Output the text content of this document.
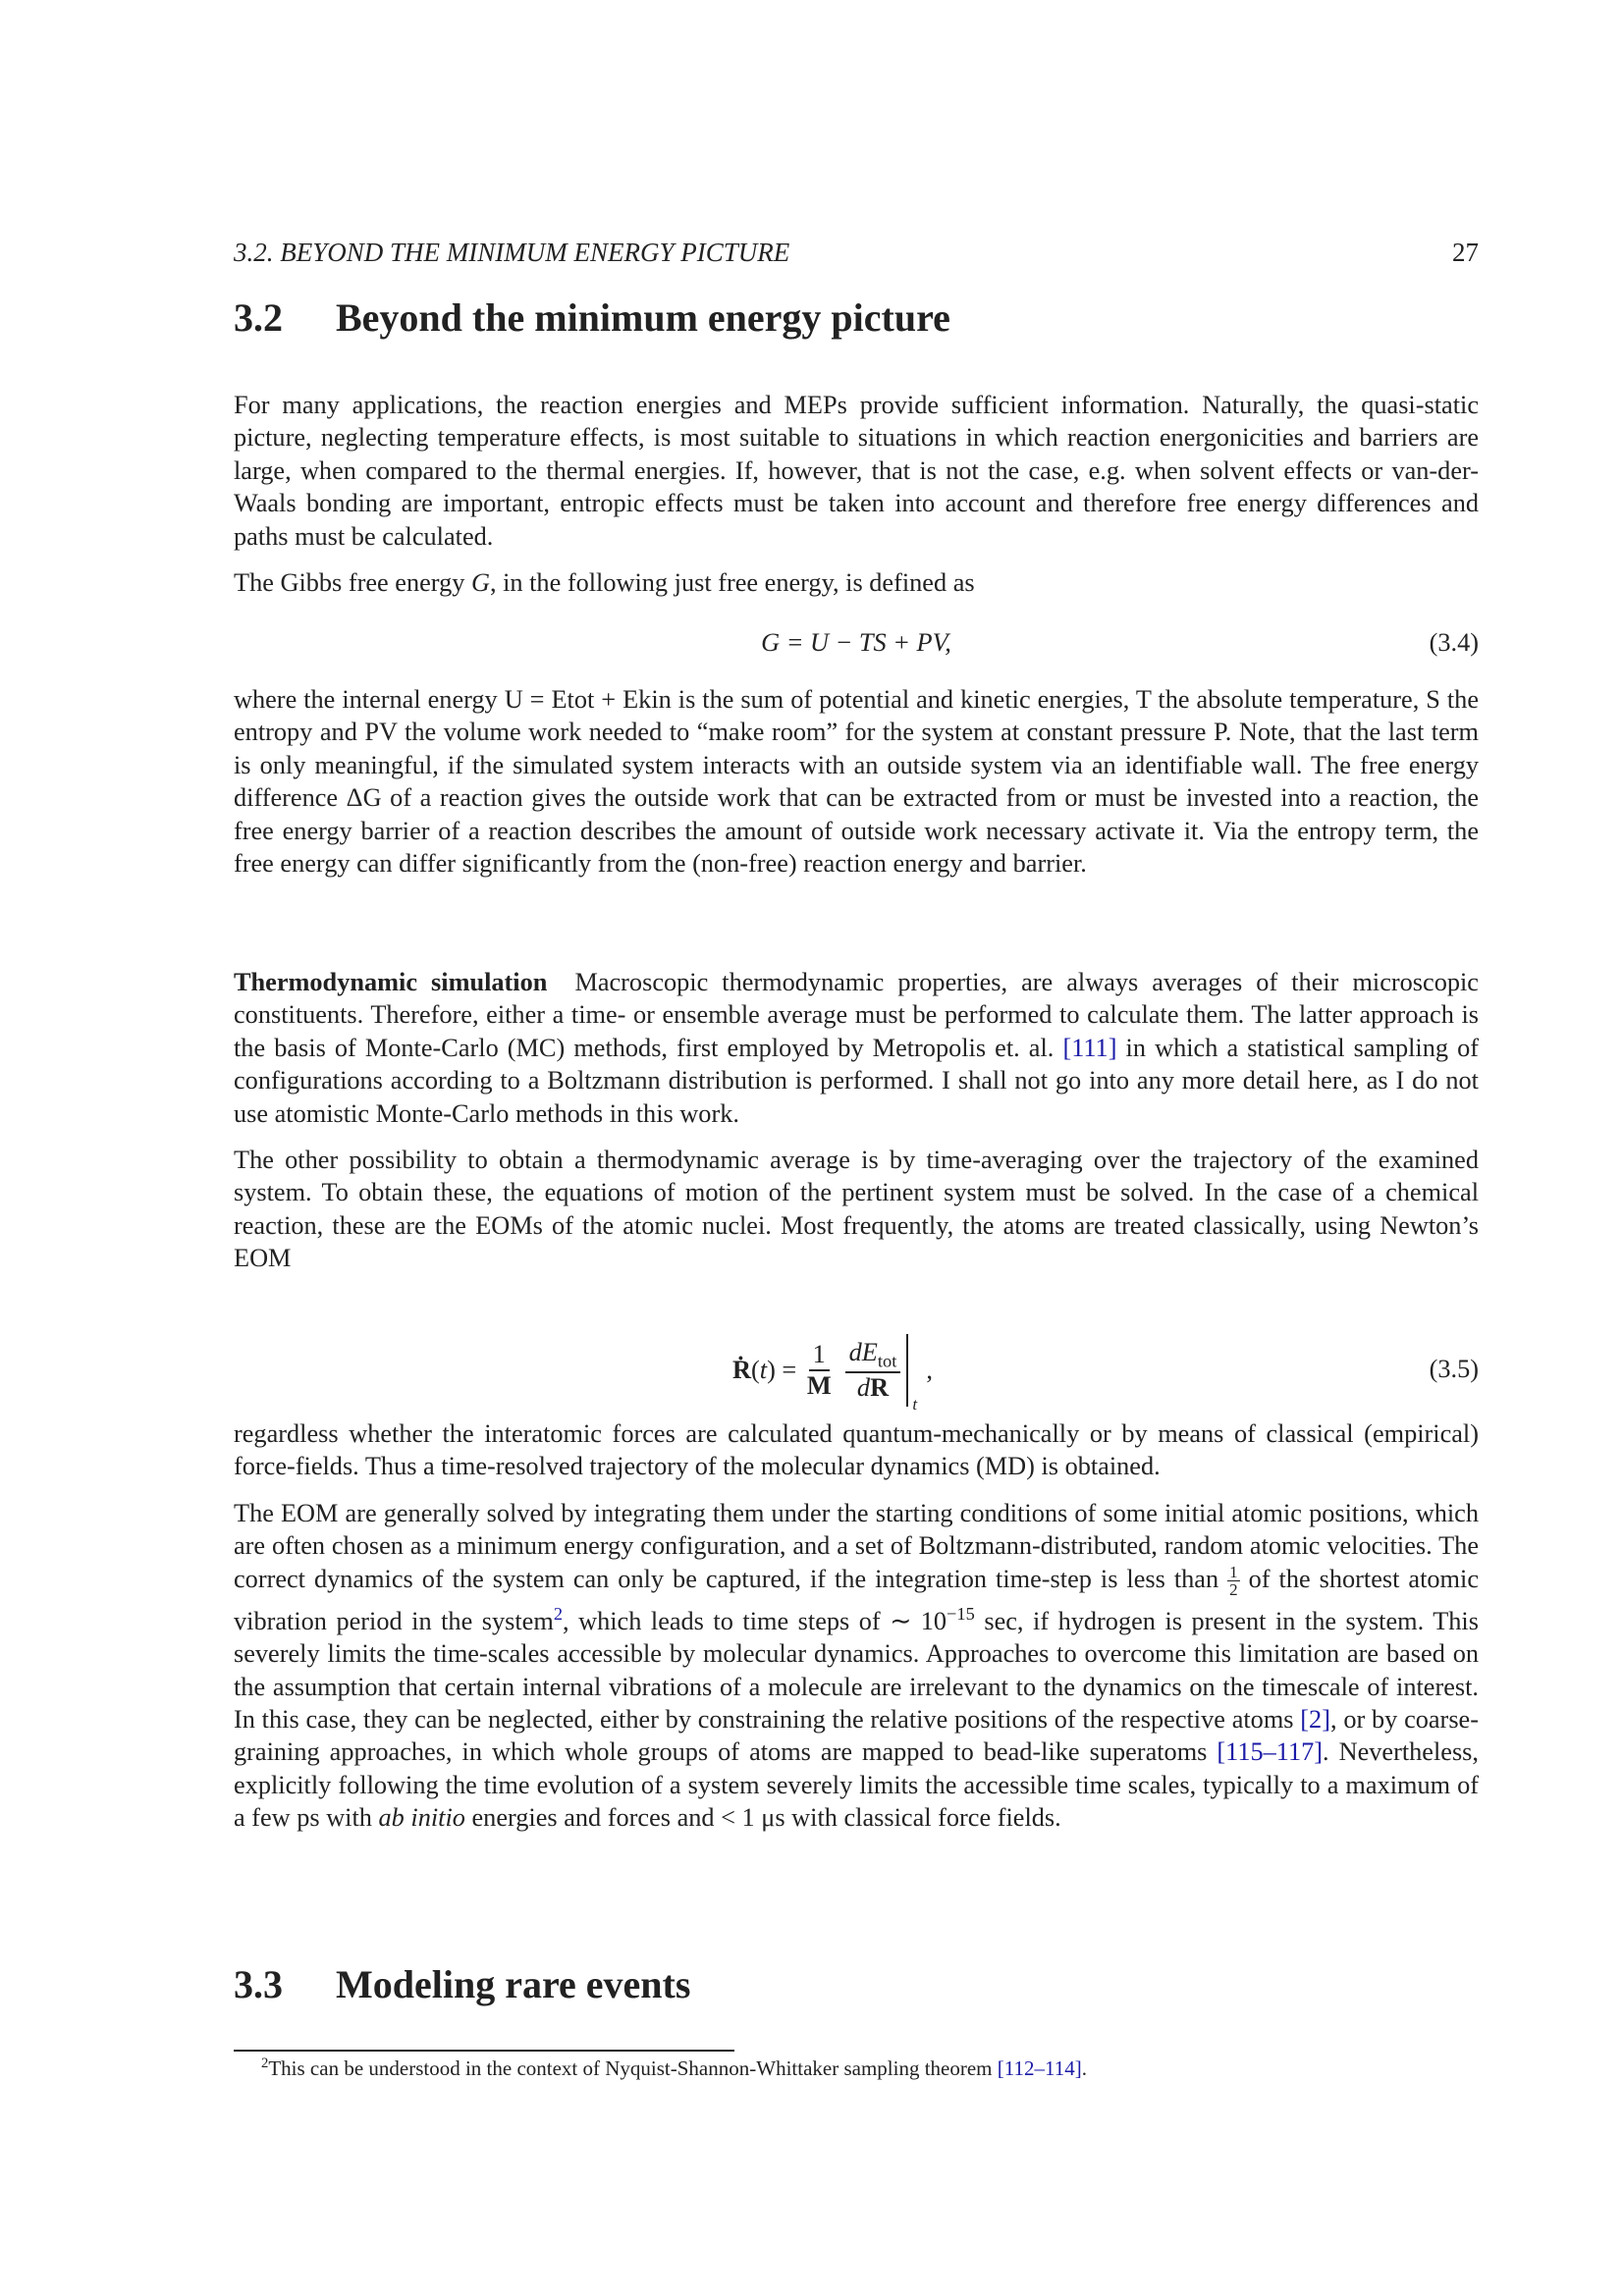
3.2. BEYOND THE MINIMUM ENERGY PICTURE	27
3.2 Beyond the minimum energy picture

For many applications, the reaction energies and MEPs provide sufficient information. Naturally, the quasi-static picture, neglecting temperature effects, is most suitable to situations in which reaction energonicities and barriers are large, when compared to the thermal energies. If, however, that is not the case, e.g. when solvent effects or van-der-Waals bonding are important, entropic effects must be taken into account and therefore free energy differences and paths must be calculated.

The Gibbs free energy G, in the following just free energy, is defined as

G = U − TS + PV,	(3.4)

where the internal energy U = Etot + Ekin is the sum of potential and kinetic energies, T the absolute temperature, S the entropy and PV the volume work needed to “make room” for the system at constant pressure P. Note, that the last term is only meaningful, if the simulated system interacts with an outside system via an identifiable wall. The free energy difference ΔG of a reaction gives the outside work that can be extracted from or must be invested into a reaction, the free energy barrier of a reaction describes the amount of outside work necessary activate it. Via the entropy term, the free energy can differ significantly from the (non-free) reaction energy and barrier.

Thermodynamic simulation Macroscopic thermodynamic properties, are always averages of their microscopic constituents. Therefore, either a time- or ensemble average must be performed to calculate them. The latter approach is the basis of Monte-Carlo (MC) methods, first employed by Metropolis et. al. [111] in which a statistical sampling of configurations according to a Boltzmann distribution is performed. I shall not go into any more detail here, as I do not use atomistic Monte-Carlo methods in this work.

The other possibility to obtain a thermodynamic average is by time-averaging over the trajectory of the examined system. To obtain these, the equations of motion of the pertinent system must be solved. In the case of a chemical reaction, these are the EOMs of the atomic nuclei. Most frequently, the atoms are treated classically, using Newton’s EOM

Ṙ $(t) = \frac{1}{M} \frac{dE_{tot}}{dR}$
t
,	(3.5)

regardless whether the interatomic forces are calculated quantum-mechanically or by means of classical (empirical) force-fields. Thus a time-resolved trajectory of the molecular dynamics (MD) is obtained.

The EOM are generally solved by integrating them under the starting conditions of some initial atomic positions, which are often chosen as a minimum energy configuration, and a set of Boltzmann-distributed, random atomic velocities. The correct dynamics of the system can only be captured, if the integration time-step is less than $\frac{1}{2}$ of the shortest atomic vibration period in the system$^2$, which leads to time steps of ∼ $10^{-15}$ sec, if hydrogen is present in the system. This severely limits the time-scales accessible by molecular dynamics. Approaches to overcome this limitation are based on the assumption that certain internal vibrations of a molecule are irrelevant to the dynamics on the timescale of interest. In this case, they can be neglected, either by constraining the relative positions of the respective atoms [2], or by coarse-graining approaches, in which whole groups of atoms are mapped to bead-like superatoms [115–117]. Nevertheless, explicitly following the time evolution of a system severely limits the accessible time scales, typically to a maximum of a few ps with ab initio energies and forces and < 1 μs with classical force fields.

3.3 Modeling rare events
$^2$This can be understood in the context of Nyquist-Shannon-Whittaker sampling theorem [112–114].
